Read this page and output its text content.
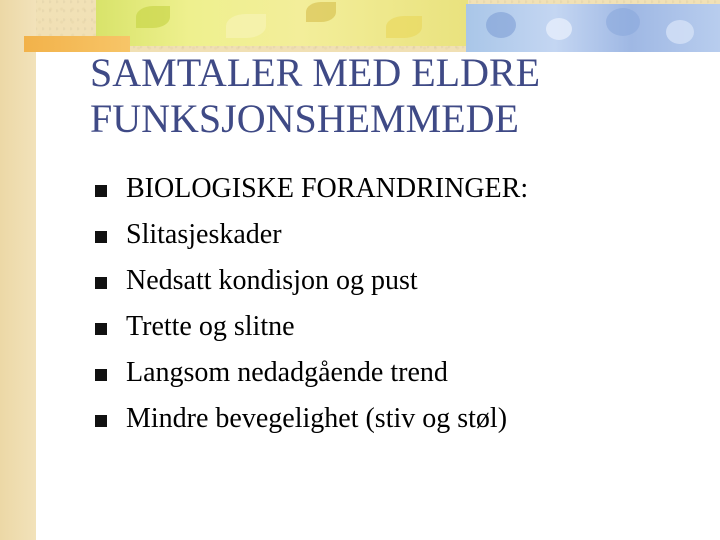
SAMTALER MED ELDRE
FUNKSJONSHEMMEDE
BIOLOGISKE FORANDRINGER:
Slitasjeskader
Nedsatt kondisjon og pust
Trette og slitne
Langsom nedadgående trend
Mindre bevegelighet (stiv og støl)
